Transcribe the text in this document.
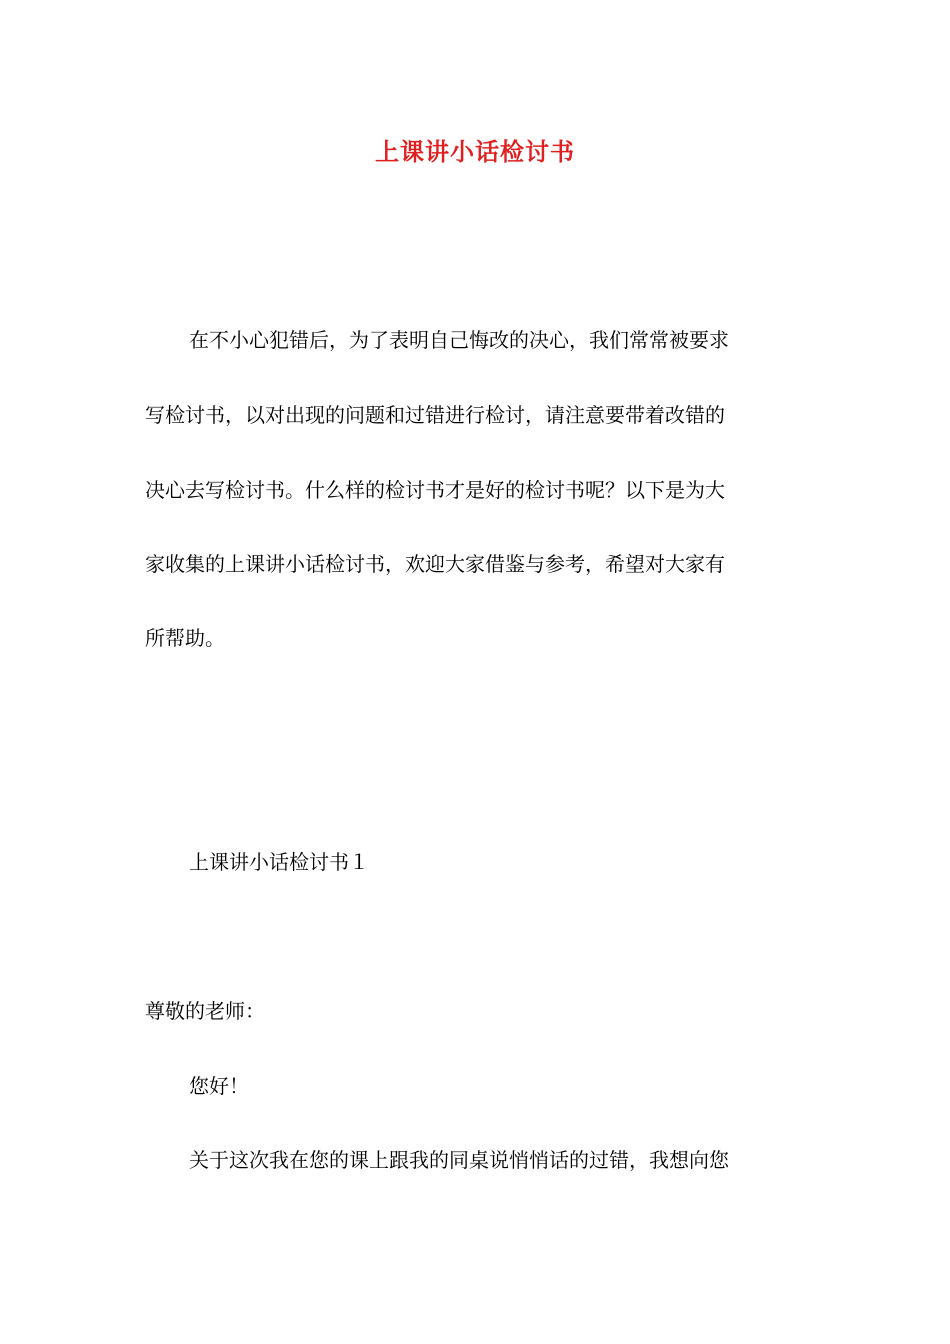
上课讲小话检讨书
在不小心犯错后，为了表明自己悔改的决心，我们常常被要求
写检讨书，以对出现的问题和过错进行检讨，请注意要带着改错的
决心去写检讨书。什么样的检讨书才是好的检讨书呢？以下是为大
家收集的上课讲小话检讨书，欢迎大家借鉴与参考，希望对大家有
所帮助。
上课讲小话检讨书１
尊敬的老师：
您好！
关于这次我在您的课上跟我的同桌说悄悄话的过错，我想向您
